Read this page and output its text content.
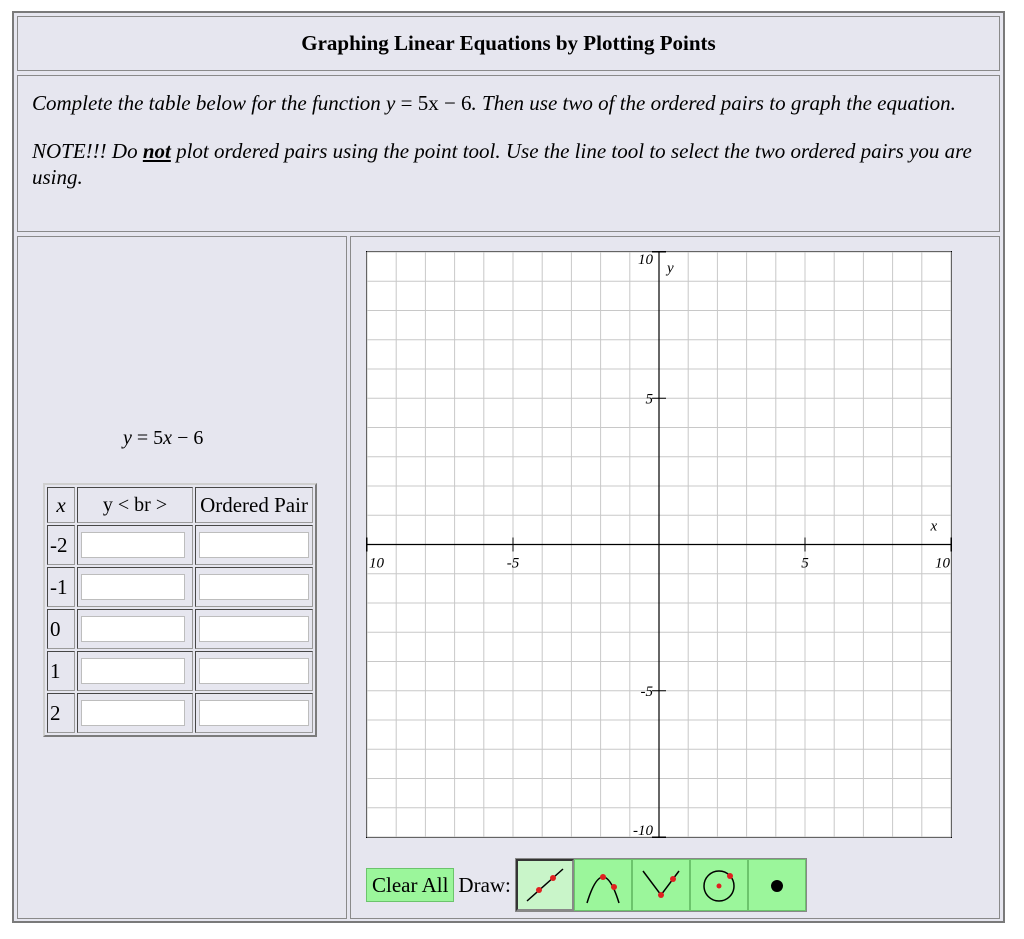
Graphing Linear Equations by Plotting Points

Complete the table below for the function y = 5x − 6. Then use two of the ordered pairs to graph the equation.

NOTE!!! Do not plot ordered pairs using the point tool. Use the line tool to select the two ordered pairs you are using.

y = 5x − 6
x	y < br >	Ordered Pair
-2	

-1	

0	

1	

2	

x
y
10	-5	5	10
10
5
-5
-10
Clear All Draw:
